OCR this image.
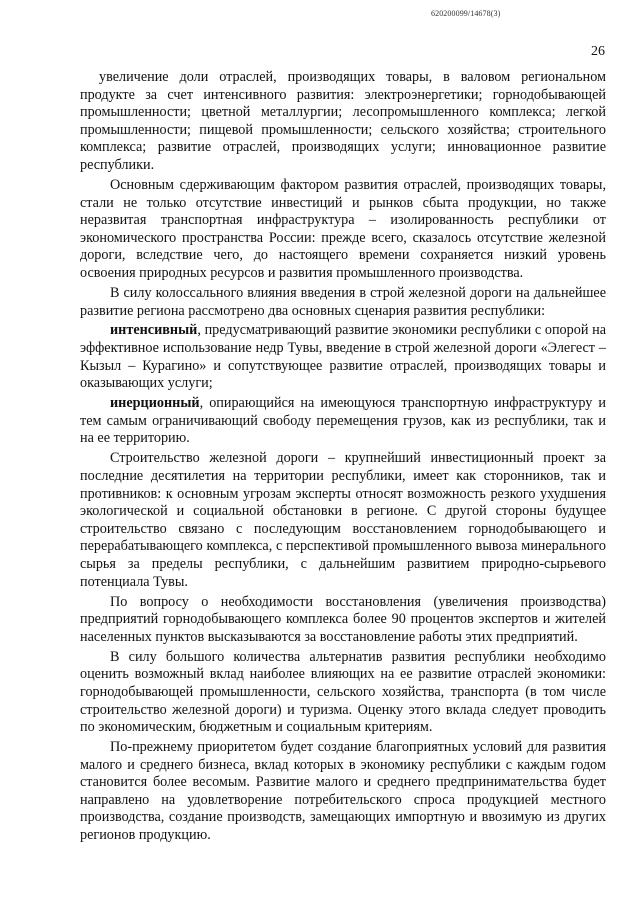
620200099/14678(3)
26

увеличение доли отраслей, производящих товары, в валовом региональном продукте за счет интенсивного развития: электроэнергетики; горнодобывающей промышленности; цветной металлургии; лесопромышленного комплекса; легкой промышленности; пищевой промышленности; сельского хозяйства; строительного комплекса; развитие отраслей, производящих услуги; инновационное развитие республики.

Основным сдерживающим фактором развития отраслей, производящих товары, стали не только отсутствие инвестиций и рынков сбыта продукции, но также неразвитая транспортная инфраструктура – изолированность республики от экономического пространства России: прежде всего, сказалось отсутствие железной дороги, вследствие чего, до настоящего времени сохраняется низкий уровень освоения природных ресурсов и развития промышленного производства.

В силу колоссального влияния введения в строй железной дороги на дальнейшее развитие региона рассмотрено два основных сценария развития республики:

интенсивный, предусматривающий развитие экономики республики с опорой на эффективное использование недр Тувы, введение в строй железной дороги «Элегест – Кызыл – Курагино» и сопутствующее развитие отраслей, производящих товары и оказывающих услуги;

инерционный, опирающийся на имеющуюся транспортную инфраструктуру и тем самым ограничивающий свободу перемещения грузов, как из республики, так и на ее территорию.

Строительство железной дороги – крупнейший инвестиционный проект за последние десятилетия на территории республики, имеет как сторонников, так и противников: к основным угрозам эксперты относят возможность резкого ухудшения экологической и социальной обстановки в регионе. С другой стороны будущее строительство связано с последующим восстановлением горнодобывающего и перерабатывающего комплекса, с перспективой промышленного вывоза минерального сырья за пределы республики, с дальнейшим развитием природно-сырьевого потенциала Тувы.

По вопросу о необходимости восстановления (увеличения производства) предприятий горнодобывающего комплекса более 90 процентов экспертов и жителей населенных пунктов высказываются за восстановление работы этих предприятий.

В силу большого количества альтернатив развития республики необходимо оценить возможный вклад наиболее влияющих на ее развитие отраслей экономики: горнодобывающей промышленности, сельского хозяйства, транспорта (в том числе строительство железной дороги) и туризма. Оценку этого вклада следует проводить по экономическим, бюджетным и социальным критериям.

По-прежнему приоритетом будет создание благоприятных условий для развития малого и среднего бизнеса, вклад которых в экономику республики с каждым годом становится более весомым. Развитие малого и среднего предпринимательства будет направлено на удовлетворение потребительского спроса продукцией местного производства, создание производств, замещающих импортную и ввозимую из других регионов продукцию.
